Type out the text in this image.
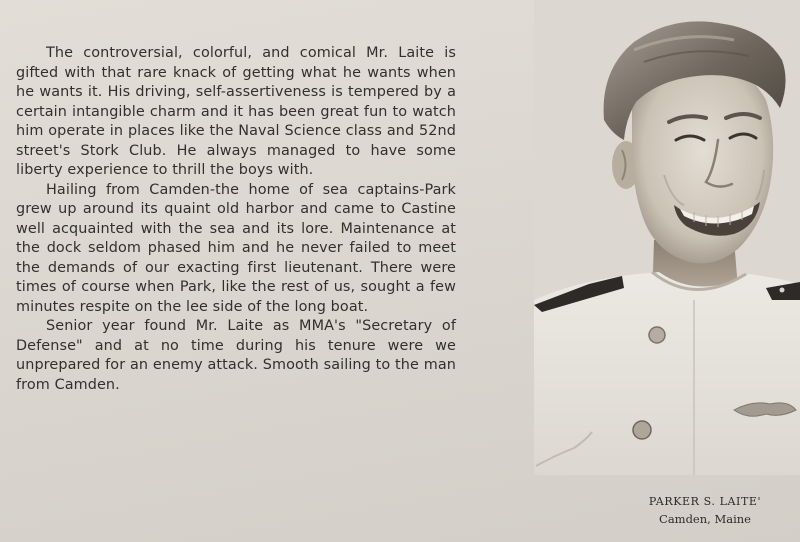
The controversial, colorful, and comical Mr. Laite is gifted with that rare knack of getting what he wants when he wants it. His driving, self-assertiveness is tempered by a certain intangible charm and it has been great fun to watch him operate in places like the Naval Science class and 52nd street's Stork Club. He always managed to have some liberty experience to thrill the boys with.

Hailing from Camden-the home of sea captains-Park grew up around its quaint old harbor and came to Castine well acquainted with the sea and its lore. Maintenance at the dock seldom phased him and he never failed to meet the demands of our exacting first lieutenant. There were times of course when Park, like the rest of us, sought a few minutes respite on the lee side of the long boat.

Senior year found Mr. Laite as MMA's "Secretary of Defense" and at no time during his tenure were we unprepared for an enemy attack. Smooth sailing to the man from Camden.

PARKER S. LAITE'
Camden, Maine
